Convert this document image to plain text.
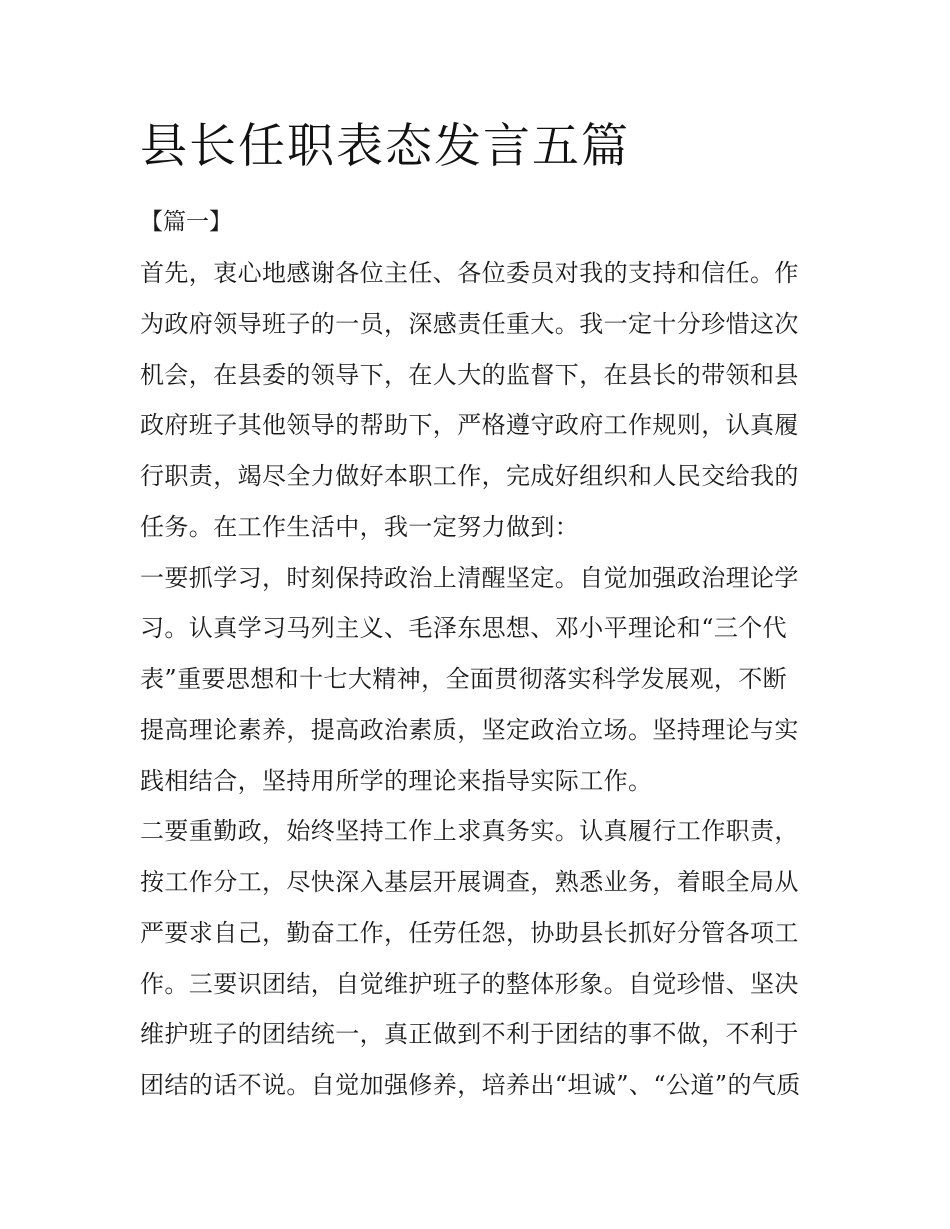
县长任职表态发言五篇
【篇一】
首先，衷心地感谢各位主任、各位委员对我的支持和信任。作
为政府领导班子的一员，深感责任重大。我一定十分珍惜这次
机会，在县委的领导下，在人大的监督下，在县长的带领和县
政府班子其他领导的帮助下，严格遵守政府工作规则，认真履
行职责，竭尽全力做好本职工作，完成好组织和人民交给我的
任务。在工作生活中，我一定努力做到：
一要抓学习，时刻保持政治上清醒坚定。自觉加强政治理论学
习。认真学习马列主义、毛泽东思想、邓小平理论和“三个代
表”重要思想和十七大精神，全面贯彻落实科学发展观，不断
提高理论素养，提高政治素质，坚定政治立场。坚持理论与实
践相结合，坚持用所学的理论来指导实际工作。
二要重勤政，始终坚持工作上求真务实。认真履行工作职责，
按工作分工，尽快深入基层开展调查，熟悉业务，着眼全局从
严要求自己，勤奋工作，任劳任怨，协助县长抓好分管各项工
作。三要识团结，自觉维护班子的整体形象。自觉珍惜、坚决
维护班子的团结统一，真正做到不利于团结的事不做，不利于
团结的话不说。自觉加强修养，培养出“坦诚”、“公道”的气质
